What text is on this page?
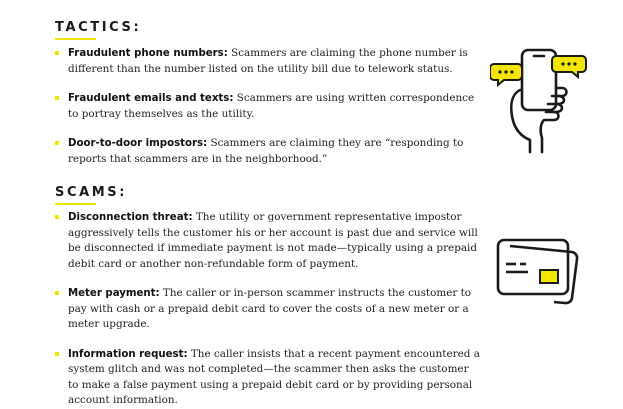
TACTICS:
Fraudulent phone numbers: Scammers are claiming the phone number is different than the number listed on the utility bill due to telework status.
Fraudulent emails and texts: Scammers are using written correspondence to portray themselves as the utility.
Door-to-door impostors: Scammers are claiming they are “responding to reports that scammers are in the neighborhood.”
SCAMS:
Disconnection threat: The utility or government representative impostor aggressively tells the customer his or her account is past due and service will be disconnected if immediate payment is not made—typically using a prepaid debit card or another non-refundable form of payment.
Meter payment: The caller or in-person scammer instructs the customer to pay with cash or a prepaid debit card to cover the costs of a new meter or a meter upgrade.
Information request: The caller insists that a recent payment encountered a system glitch and was not completed—the scammer then asks the customer to make a false payment using a prepaid debit card or by providing personal account information.
